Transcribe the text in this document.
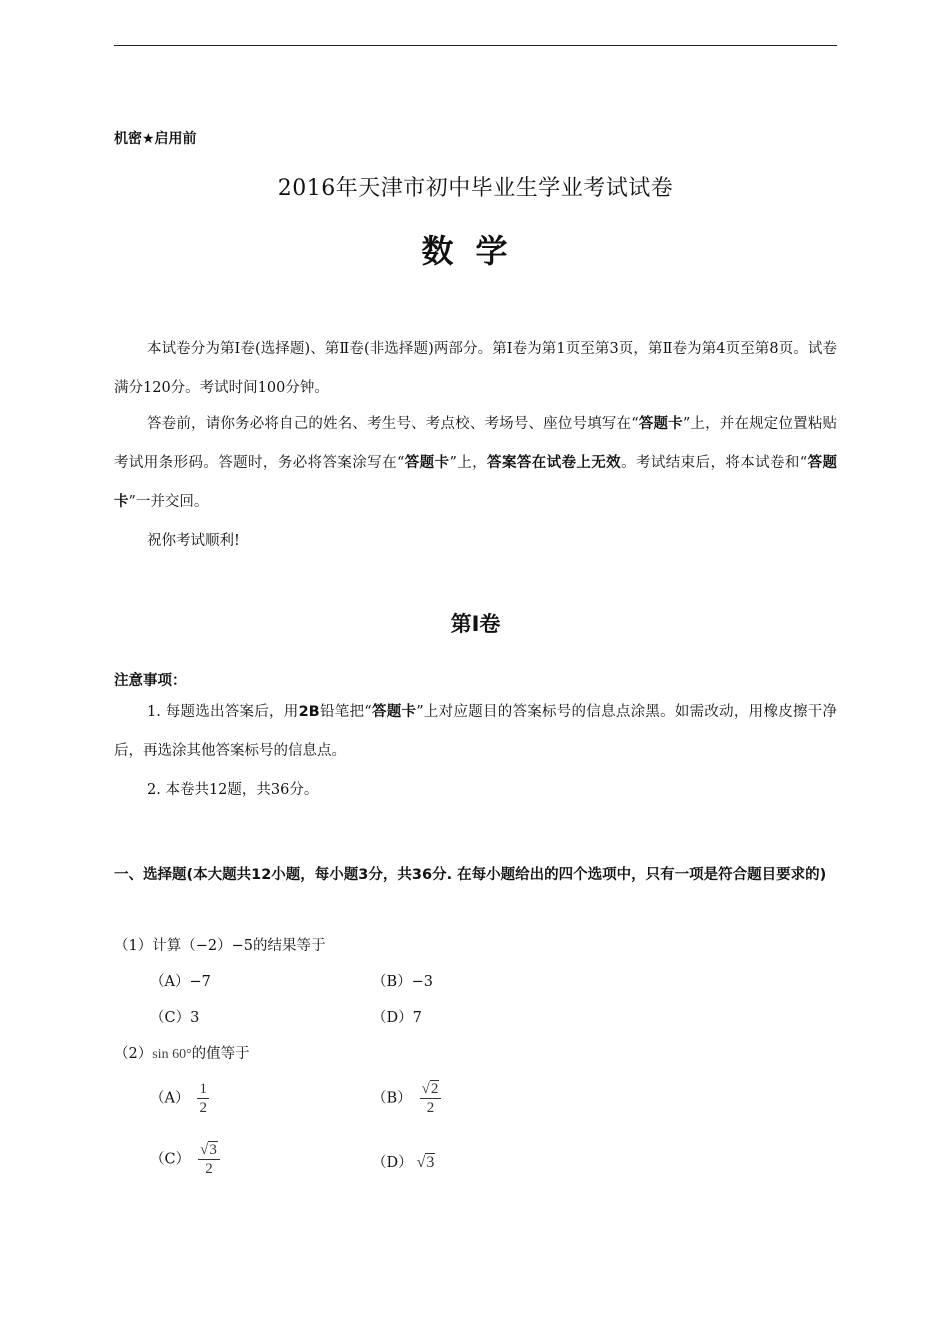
机密★启用前
2016年天津市初中毕业生学业考试试卷
数学
本试卷分为第Ⅰ卷(选择题)、第Ⅱ卷(非选择题)两部分。第Ⅰ卷为第1页至第3页，第Ⅱ卷为第4页至第8页。试卷满分120分。考试时间100分钟。
答卷前，请你务必将自己的姓名、考生号、考点校、考场号、座位号填写在“答题卡”上，并在规定位置粘贴考试用条形码。答题时，务必将答案涂写在“答题卡”上，答案答在试卷上无效。考试结束后，将本试卷和“答题卡”一并交回。
祝你考试顺利!
第Ⅰ卷
注意事项：
1. 每题选出答案后，用2B铅笔把“答题卡”上对应题目的答案标号的信息点涂黑。如需改动，用橡皮擦干净后，再选涂其他答案标号的信息点。
2. 本卷共12题，共36分。
一、选择题(本大题共12小题，每小题3分，共36分. 在每小题给出的四个选项中，只有一项是符合题目要求的)
（1）计算（−2）−5的结果等于
（A）−7	（B）−3
（C）3	（D）7
（2）sin 60°的值等于
$(A) \frac{1}{2}$	$(B) \frac{√2}{2}$
$(C) \frac{√3}{2}$	（D） √3
